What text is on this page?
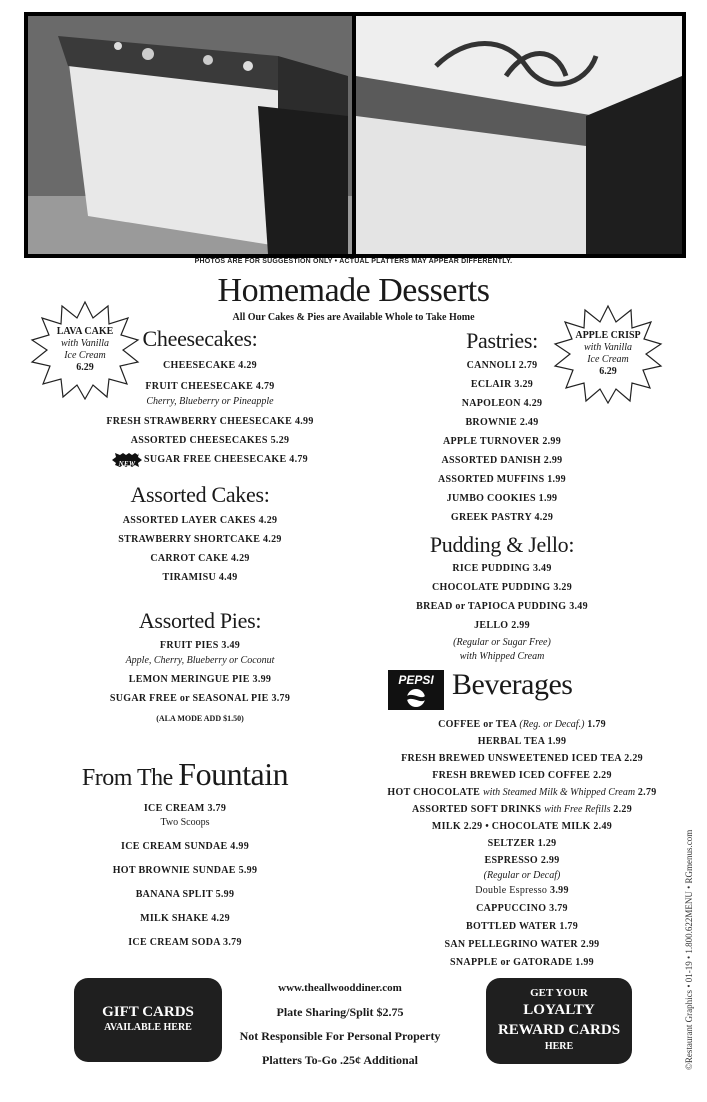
PHOTOS ARE FOR SUGGESTION ONLY • ACTUAL PLATTERS MAY APPEAR DIFFERENTLY.
Homemade Desserts
All Our Cakes & Pies are Available Whole to Take Home
LAVA CAKE
with Vanilla
Ice Cream
6.29
APPLE CRISP
with Vanilla
Ice Cream
6.29
Cheesecakes:
CHEESECAKE 4.29
FRUIT CHEESECAKE 4.79
Cherry, Blueberry or Pineapple
FRESH STRAWBERRY CHEESECAKE 4.99
ASSORTED CHEESECAKES 5.29
NEW SUGAR FREE CHEESECAKE 4.79
Assorted Cakes:
ASSORTED LAYER CAKES 4.29
STRAWBERRY SHORTCAKE 4.29
CARROT CAKE 4.29
TIRAMISU 4.49
Assorted Pies:
FRUIT PIES 3.49
Apple, Cherry, Blueberry or Coconut
LEMON MERINGUE PIE 3.99
SUGAR FREE or SEASONAL PIE 3.79
(ALA MODE ADD $1.50)
From The Fountain
ICE CREAM 3.79
Two Scoops
ICE CREAM SUNDAE 4.99
HOT BROWNIE SUNDAE 5.99
BANANA SPLIT 5.99
MILK SHAKE 4.29
ICE CREAM SODA 3.79
Pastries:
CANNOLI 2.79
ECLAIR 3.29
NAPOLEON 4.29
BROWNIE 2.49
APPLE TURNOVER 2.99
ASSORTED DANISH 2.99
ASSORTED MUFFINS 1.99
JUMBO COOKIES 1.99
GREEK PASTRY 4.29
Pudding & Jello:
RICE PUDDING 3.49
CHOCOLATE PUDDING 3.29
BREAD or TAPIOCA PUDDING 3.49
JELLO 2.99
(Regular or Sugar Free)
with Whipped Cream
PEPSI Beverages
COFFEE or TEA (Reg. or Decaf.) 1.79
HERBAL TEA 1.99
FRESH BREWED UNSWEETENED ICED TEA 2.29
FRESH BREWED ICED COFFEE 2.29
HOT CHOCOLATE with Steamed Milk & Whipped Cream 2.79
ASSORTED SOFT DRINKS with Free Refills 2.29
MILK 2.29 • CHOCOLATE MILK 2.49
SELTZER 1.29
ESPRESSO 2.99
(Regular or Decaf)
Double Espresso 3.99
CAPPUCCINO 3.79
BOTTLED WATER 1.79
SAN PELLEGRINO WATER 2.99
SNAPPLE or GATORADE 1.99
GIFT CARDS
AVAILABLE HERE
GET YOUR
LOYALTY
REWARD CARDS
HERE
www.theallwooddiner.com
Plate Sharing/Split $2.75
Not Responsible For Personal Property
Platters To-Go .25¢ Additional	©Restaurant Graphics • 01-19 • 1.800.622MENU • RGmenus.com
